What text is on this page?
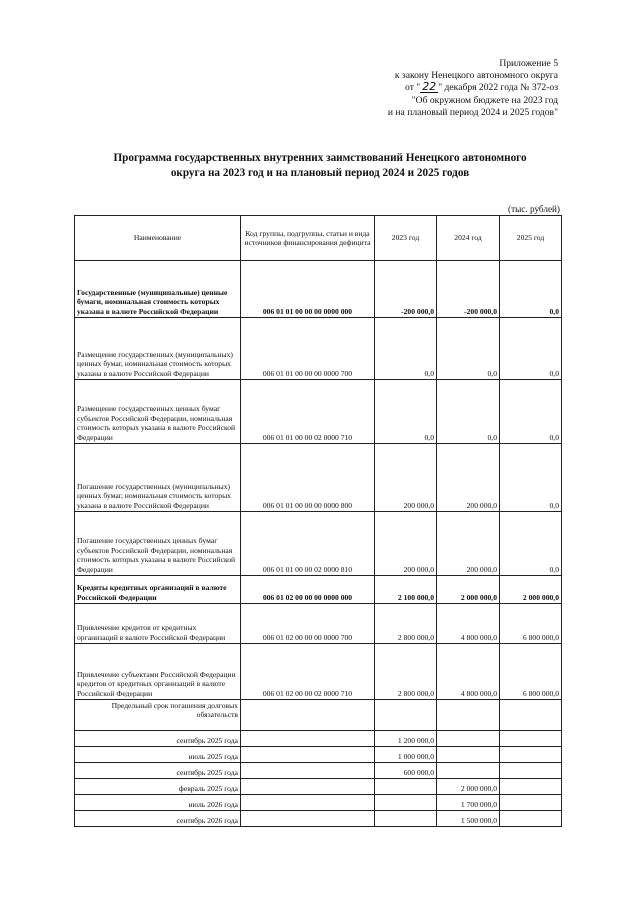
Приложение 5
к закону Ненецкого автономного округа
от " 22 " декабря 2022 года № 372-оз
"Об окружном бюджете на 2023 год
и на плановый период 2024 и 2025 годов"
Программа государственных внутренних заимствований Ненецкого автономного
округа на 2023 год и на плановый период 2024 и 2025 годов
(тыс. рублей)
Наименование	Код группы, подгруппы, статьи и вида источников финансирования дефицита	2023 год	2024 год	2025 год
Государственные (муниципальные) ценные бумаги, номинальная стоимость которых указана в валюте Российской Федерации	006 01 01 00 00 00 0000 000	-200 000,0	-200 000,0	0,0
Размещение государственных (муниципальных) ценных бумаг, номинальная стоимость которых указана в валюте Российской Федерации	006 01 01 00 00 00 0000 700	0,0	0,0	0,0
Размещение государственных ценных бумаг субъектов Российской Федерации, номинальная стоимость которых указана в валюте Российской Федерации	006 01 01 00 00 02 0000 710	0,0	0,0	0,0
Погашение государственных (муниципальных) ценных бумаг, номинальная стоимость которых указана в валюте Российской Федерации	006 01 01 00 00 00 0000 800	200 000,0	200 000,0	0,0
Погашение государственных ценных бумаг субъектов Российской Федерации, номинальная стоимость которых указана в валюте Российской Федерации	006 01 01 00 00 02 0000 810	200 000,0	200 000,0	0,0
Кредиты кредитных организаций в валюте Российской Федерации	006 01 02 00 00 00 0000 000	2 100 000,0	2 000 000,0	2 000 000,0
Привлечение кредитов от кредитных организаций в валюте Российской Федерации	006 01 02 00 00 00 0000 700	2 800 000,0	4 800 000,0	6 800 000,0
Привлечение субъектами Российской Федерации кредитов от кредитных организаций в валюте Российской Федерации	006 01 02 00 00 02 0000 710	2 800 000,0	4 800 000,0	6 800 000,0
Предельный срок погашения долговых обязательств				
сентябрь 2025 года		1 200 000,0		
июль 2025 года		1 000 000,0		
сентябрь 2025 года		600 000,0		
февраль 2025 года			2 000 000,0	
июль 2026 года			1 700 000,0	
сентябрь 2026 года			1 500 000,0	
